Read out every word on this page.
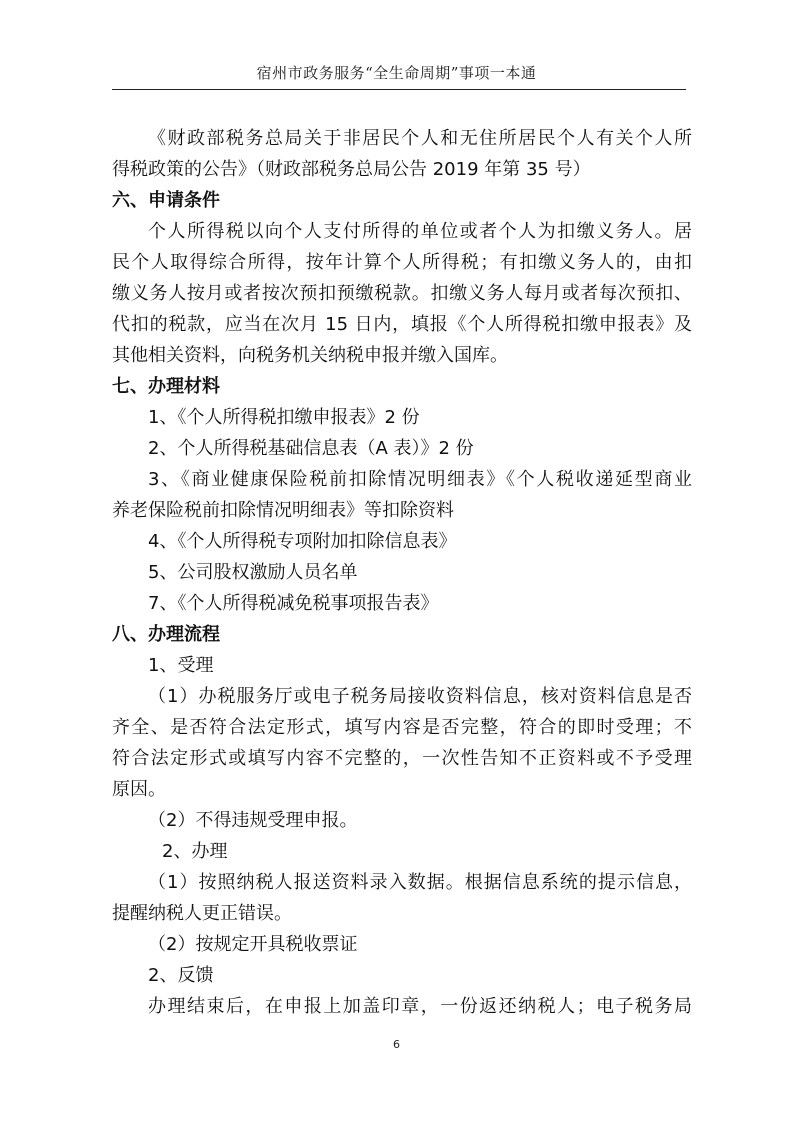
宿州市政务服务“全生命周期”事项一本通
《财政部税务总局关于非居民个人和无住所居民个人有关个人所
得税政策的公告》（财政部税务总局公告 2019 年第 35 号）
六、申请条件
个人所得税以向个人支付所得的单位或者个人为扣缴义务人。居
民个人取得综合所得，按年计算个人所得税；有扣缴义务人的，由扣
缴义务人按月或者按次预扣预缴税款。扣缴义务人每月或者每次预扣、
代扣的税款，应当在次月 15 日内，填报《个人所得税扣缴申报表》及
其他相关资料，向税务机关纳税申报并缴入国库。
七、办理材料
1、《个人所得税扣缴申报表》2 份
2、个人所得税基础信息表（A 表）》2 份
3、《商业健康保险税前扣除情况明细表》《个人税收递延型商业
养老保险税前扣除情况明细表》等扣除资料
4、《个人所得税专项附加扣除信息表》
5、公司股权激励人员名单
7、《个人所得税减免税事项报告表》
八、办理流程
1、受理
（1）办税服务厅或电子税务局接收资料信息，核对资料信息是否
齐全、是否符合法定形式，填写内容是否完整，符合的即时受理；不
符合法定形式或填写内容不完整的，一次性告知不正资料或不予受理
原因。
（2）不得违规受理申报。
2、办理
（1）按照纳税人报送资料录入数据。根据信息系统的提示信息，
提醒纳税人更正错误。
（2）按规定开具税收票证
2、反馈
办理结束后，在申报上加盖印章，一份返还纳税人；电子税务局
6
